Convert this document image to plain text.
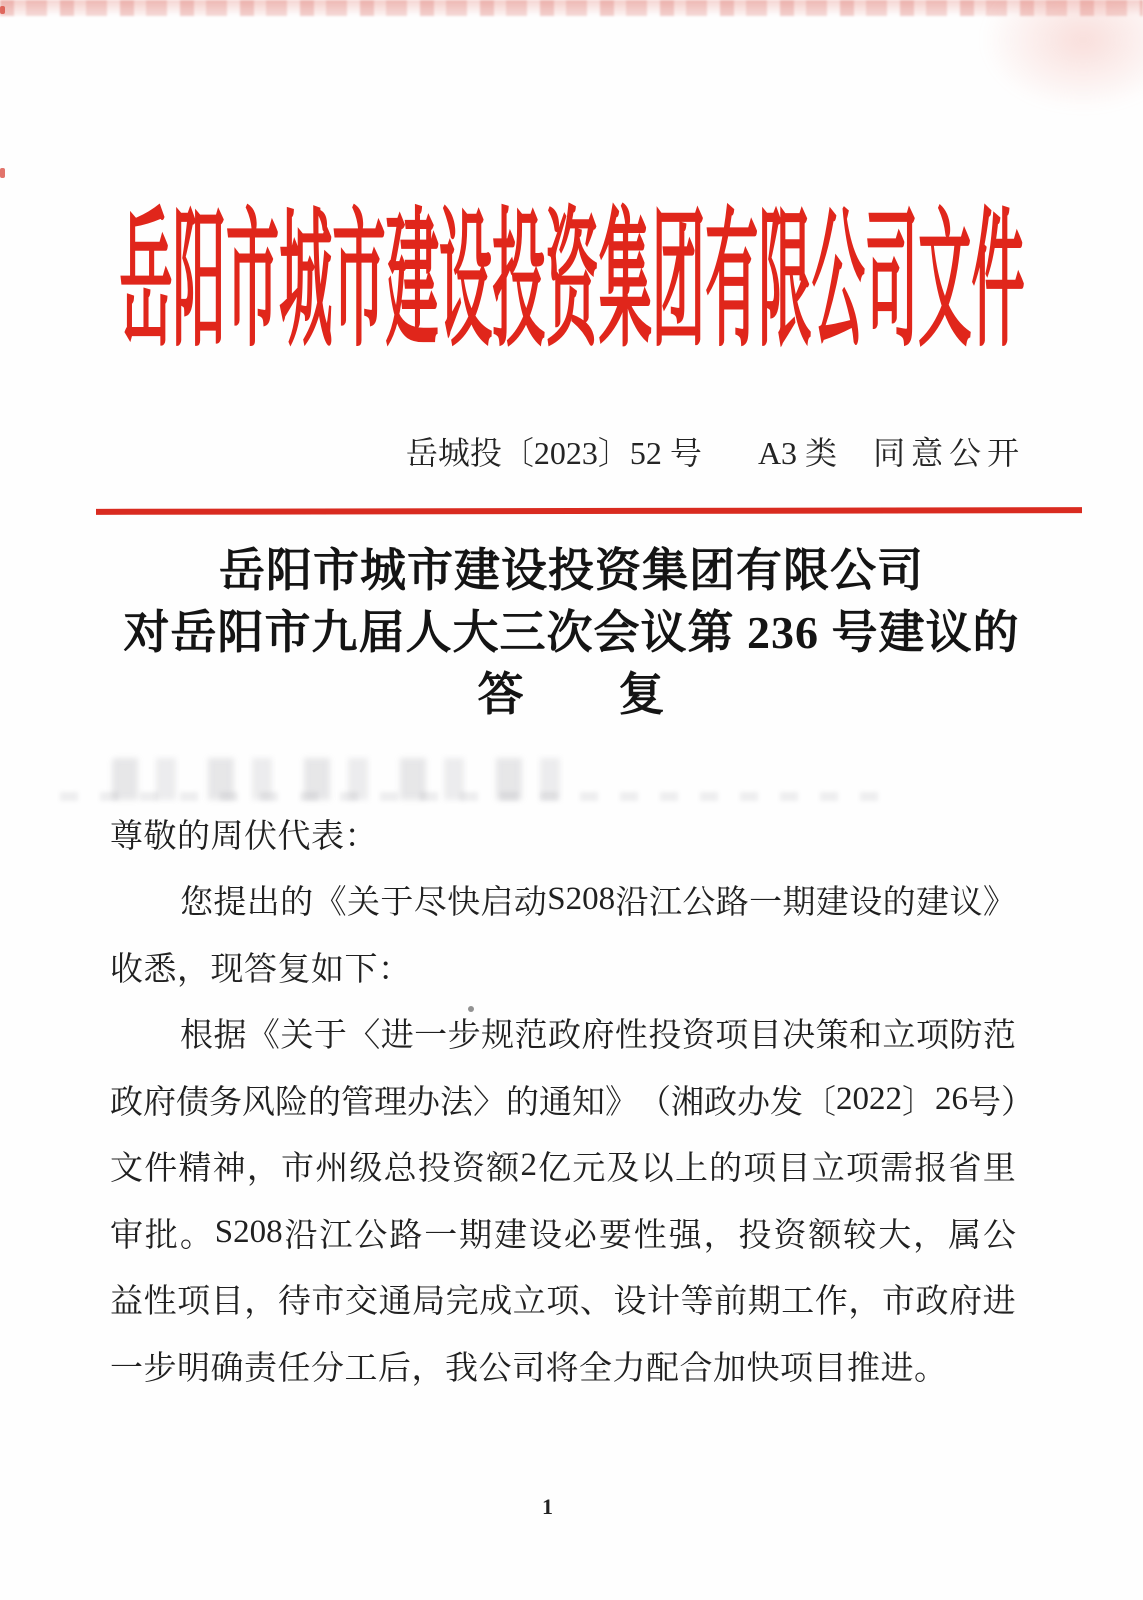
岳阳市城市建设投资集团有限公司文件
岳城投〔2023〕52 号 A3 类 同意公开
岳阳市城市建设投资集团有限公司
对岳阳市九届人大三次会议第 236 号建议的
答　　复
尊敬的周伏代表：
您 提 出 的 《 关 于 尽 快 启 动 S208 沿 江 公 路 一 期 建 设 的 建 议 》
收悉，现答复如下：
根 据 《 关 于 〈 进 一 步 规 范 政 府 性 投 资 项 目 决 策 和 立 项 防 范
政 府 债 务 风 险 的 管 理 办 法 〉 的 通 知 》 （ 湘 政 办 发 〔 2022 〕 26 号 ）
文 件 精 神 ， 市 州 级 总 投 资 额 2 亿 元 及 以 上 的 项 目 立 项 需 报 省 里
审 批 。 S208 沿 江 公 路 一 期 建 设 必 要 性 强 ， 投 资 额 较 大 ， 属 公
益 性 项 目 ， 待 市 交 通 局 完 成 立 项 、 设 计 等 前 期 工 作 ， 市 政 府 进
一步明确责任分工后，我公司将全力配合加快项目推进。
1
